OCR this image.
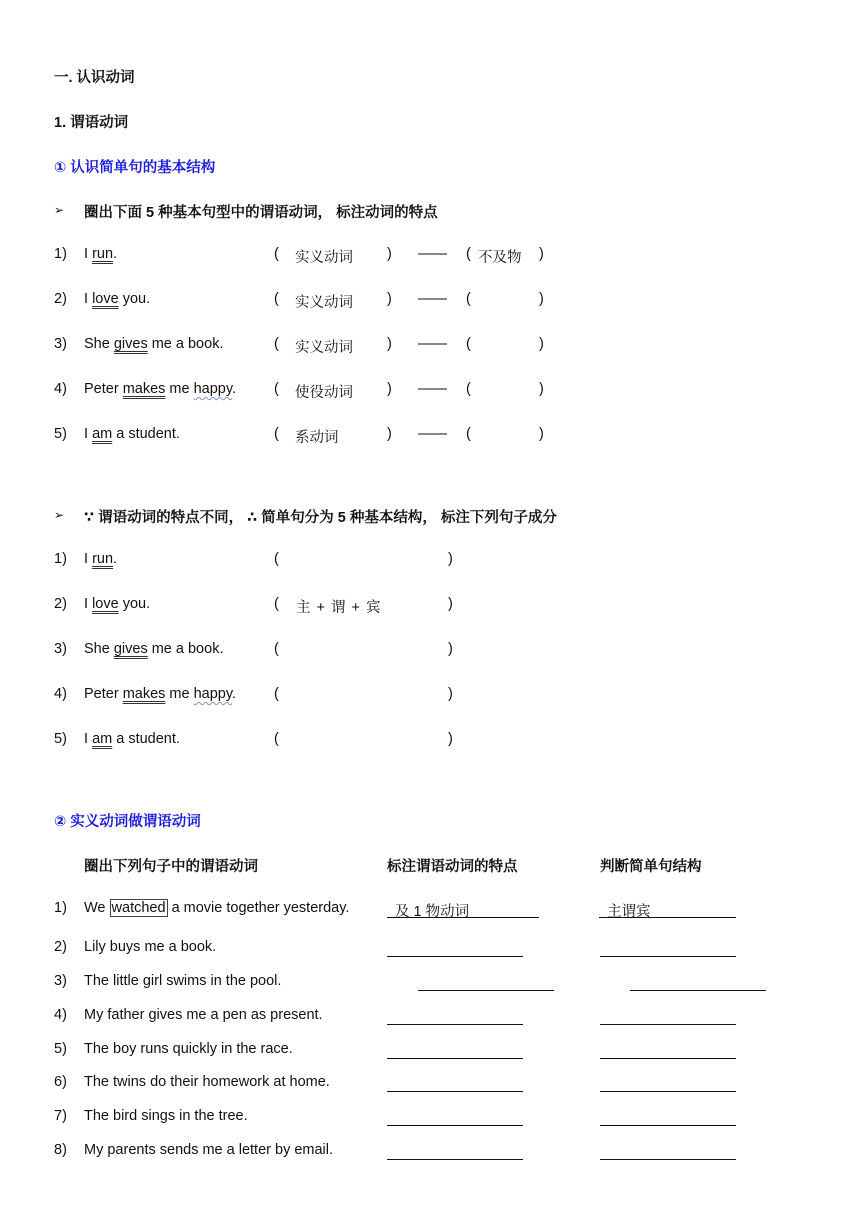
一. 认识动词
1. 谓语动词
① 认识简单句的基本结构
➢ 圈出下面 5 种基本句型中的谓语动词， 标注动词的特点
1) I run.	( 实义动词 ) —— ( 不及物 )
2) I love you.	( 实义动词 ) —— (	)
3) She gives me a book.	( 实义动词 ) —— (	)
4) Peter makes me happy.	( 使役动词 ) —— (	)
5) I am a student.	( 系动词	) —— (	)
➢ ∵ 谓语动词的特点不同， ∴ 简单句分为 5 种基本结构， 标注下列句子成分
1) I run.	(	)
2) I love you.	( 主 + 谓 + 宾	)
3) She gives me a book.	(	)
4) Peter makes me happy.	(	)
5) I am a student.	(	)
② 实义动词做谓语动词
圈出下列句子中的谓语动词	标注谓语动词的特点	判断简单句结构
1) We watched a movie together yesterday.	及 1 物动词	主谓宾
2) Lily buys me a book.
3) The little girl swims in the pool.
4) My father gives me a pen as present.
5) The boy runs quickly in the race.
6) The twins do their homework at home.
7) The bird sings in the tree.
8) My parents sends me a letter by email.
